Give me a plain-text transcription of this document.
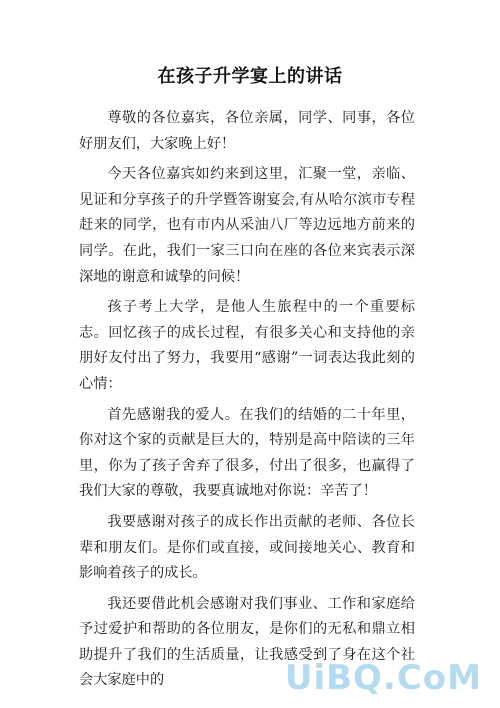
在孩子升学宴上的讲话

尊敬的各位嘉宾，各位亲属，同学、同事，各位好朋友们，大家晚上好！

今天各位嘉宾如约来到这里，汇聚一堂，亲临、见证和分享孩子的升学暨答谢宴会,有从哈尔滨市专程赶来的同学，也有市内从采油八厂等边远地方前来的同学。在此，我们一家三口向在座的各位来宾表示深深地的谢意和诚挚的问候！

孩子考上大学，是他人生旅程中的一个重要标志。回忆孩子的成长过程，有很多关心和支持他的亲朋好友付出了努力，我要用“感谢”一词表达我此刻的心情：

首先感谢我的爱人。在我们的结婚的二十年里，你对这个家的贡献是巨大的，特别是高中陪读的三年里，你为了孩子舍弃了很多，付出了很多，也赢得了我们大家的尊敬，我要真诚地对你说：辛苦了！

我要感谢对孩子的成长作出贡献的老师、各位长辈和朋友们。是你们或直接，或间接地关心、教育和影响着孩子的成长。

我还要借此机会感谢对我们事业、工作和家庭给予过爱护和帮助的各位朋友，是你们的无私和鼎立相助提升了我们的生活质量，让我感受到了身在这个社会大家庭中的	UiBQ.CoM
